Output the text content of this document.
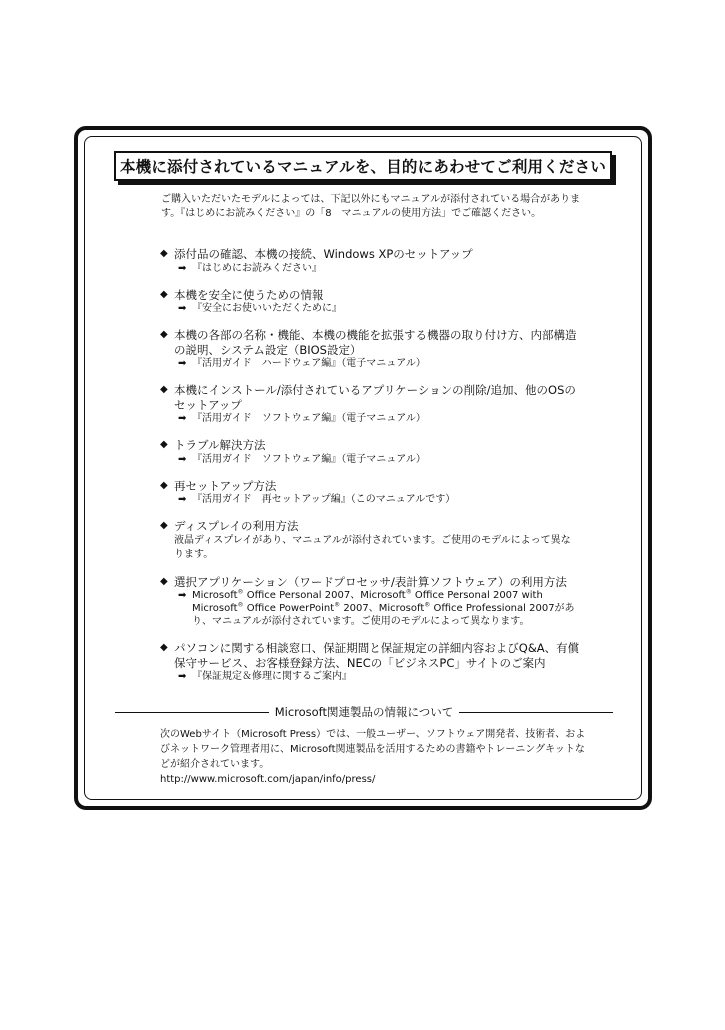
本機に添付されているマニュアルを、目的にあわせてご利用ください
ご購入いただいたモデルによっては、下記以外にもマニュアルが添付されている場合があります。『はじめにお読みください』の「8　マニュアルの使用方法」でご確認ください。
◆ 添付品の確認、本機の接続、Windows XPのセットアップ
➡ 『はじめにお読みください』
◆ 本機を安全に使うための情報
➡ 『安全にお使いいただくために』
◆ 本機の各部の名称・機能、本機の機能を拡張する機器の取り付け方、内部構造の説明、システム設定（BIOS設定）
➡ 『活用ガイド　ハードウェア編』（電子マニュアル）
◆ 本機にインストール/添付されているアプリケーションの削除/追加、他のOSのセットアップ
➡ 『活用ガイド　ソフトウェア編』（電子マニュアル）
◆ トラブル解決方法
➡ 『活用ガイド　ソフトウェア編』（電子マニュアル）
◆ 再セットアップ方法
➡ 『活用ガイド　再セットアップ編』（このマニュアルです）
◆ ディスプレイの利用方法
液晶ディスプレイがあり、マニュアルが添付されています。ご使用のモデルによって異なります。
◆ 選択アプリケーション（ワードプロセッサ/表計算ソフトウェア）の利用方法
➡ Microsoft® Office Personal 2007、Microsoft® Office Personal 2007 with Microsoft® Office PowerPoint® 2007、Microsoft® Office Professional 2007があり、マニュアルが添付されています。ご使用のモデルによって異なります。
◆ パソコンに関する相談窓口、保証期間と保証規定の詳細内容およびQ&A、有償保守サービス、お客様登録方法、NECの「ビジネスPC」サイトのご案内
➡ 『保証規定＆修理に関するご案内』
Microsoft関連製品の情報について
次のWebサイト（Microsoft Press）では、一般ユーザー、ソフトウェア開発者、技術者、およびネットワーク管理者用に、Microsoft関連製品を活用するための書籍やトレーニングキットなどが紹介されています。
http://www.microsoft.com/japan/info/press/
